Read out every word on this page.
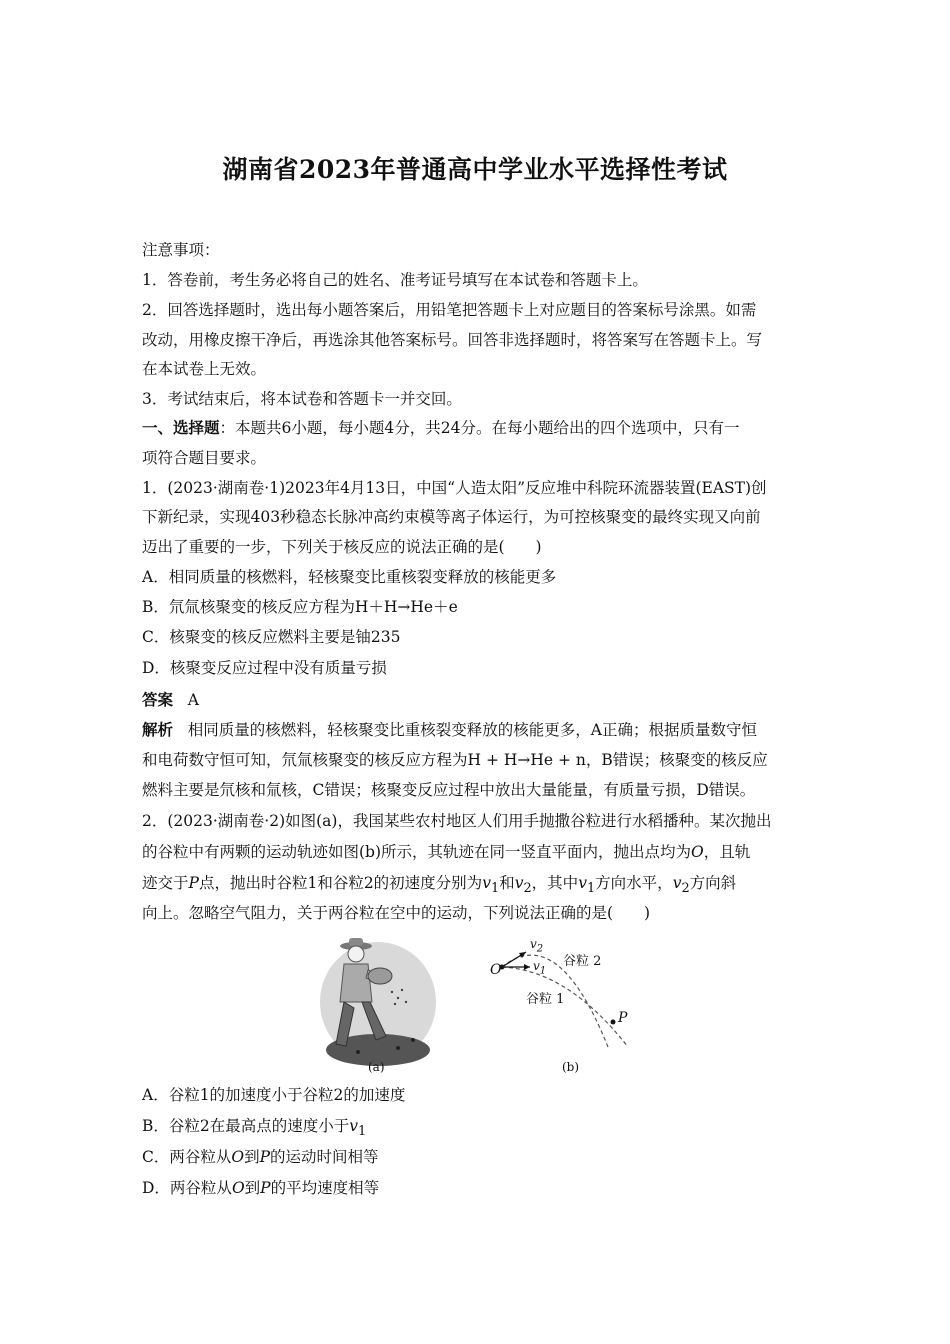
湖南省2023年普通高中学业水平选择性考试
注意事项：
1．答卷前，考生务必将自己的姓名、准考证号填写在本试卷和答题卡上。
2．回答选择题时，选出每小题答案后，用铅笔把答题卡上对应题目的答案标号涂黑。如需
改动，用橡皮擦干净后，再选涂其他答案标号。回答非选择题时，将答案写在答题卡上。写
在本试卷上无效。
3．考试结束后，将本试卷和答题卡一并交回。
一、选择题：本题共6小题，每小题4分，共24分。在每小题给出的四个选项中，只有一
项符合题目要求。
1．(2023·湖南卷·1)2023年4月13日，中国“人造太阳”反应堆中科院环流器装置(EAST)创
下新纪录，实现403秒稳态长脉冲高约束模等离子体运行，为可控核聚变的最终实现又向前
迈出了重要的一步，下列关于核反应的说法正确的是(　　)
A．相同质量的核燃料，轻核聚变比重核裂变释放的核能更多
B．氘氚核聚变的核反应方程为H＋H→He＋e
C．核聚变的核反应燃料主要是铀235
D．核聚变反应过程中没有质量亏损
答案 A
解析 相同质量的核燃料，轻核聚变比重核裂变释放的核能更多，A正确；根据质量数守恒
和电荷数守恒可知，氘氚核聚变的核反应方程为H + H→He + n，B错误；核聚变的核反应
燃料主要是氘核和氚核，C错误；核聚变反应过程中放出大量能量，有质量亏损，D错误。
2．(2023·湖南卷·2)如图(a)，我国某些农村地区人们用手抛撒谷粒进行水稻播种。某次抛出
的谷粒中有两颗的运动轨迹如图(b)所示，其轨迹在同一竖直平面内，抛出点均为O，且轨
迹交于P点，抛出时谷粒1和谷粒2的初速度分别为$v_1$和$v_2$，其中$v_1$方向水平，$v_2$方向斜
向上。忽略空气阻力，关于两谷粒在空中的运动，下列说法正确的是(　　)
O
$v_2$
$v_1$
谷粒 2
谷粒 1
P
(a)	(b)
A．谷粒1的加速度小于谷粒2的加速度
B．谷粒2在最高点的速度小于$v_1$
C．两谷粒从O到P的运动时间相等
D．两谷粒从O到P的平均速度相等
